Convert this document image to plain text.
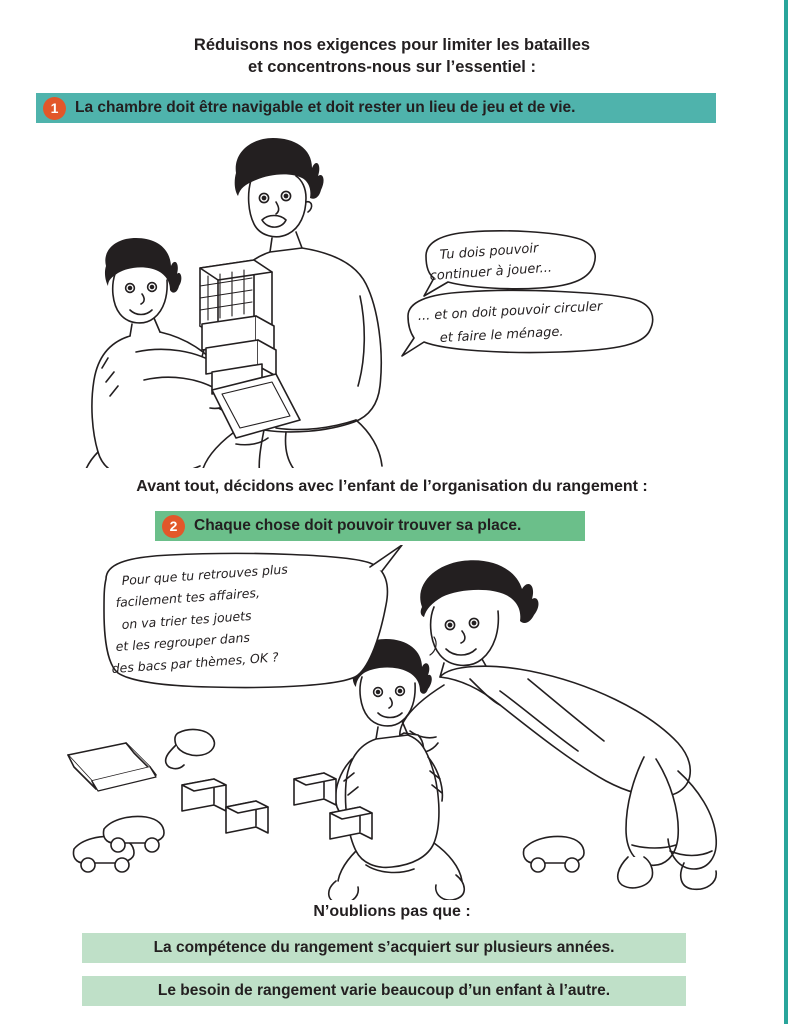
Réduisons nos exigences pour limiter les batailles
et concentrons-nous sur l’essentiel :
1	La chambre doit être navigable et doit rester un lieu de jeu et de vie.
Tu dois pouvoir
continuer à jouer...
... et on doit pouvoir circuler
et faire le ménage.
Avant tout, décidons avec l’enfant de l’organisation du rangement :
2	Chaque chose doit pouvoir trouver sa place.
Pour que tu retrouves plus
facilement tes affaires,
on va trier tes jouets
et les regrouper dans
des bacs par thèmes, OK ?
N’oublions pas que :
La compétence du rangement s’acquiert sur plusieurs années.
Le besoin de rangement varie beaucoup d’un enfant à l’autre.
